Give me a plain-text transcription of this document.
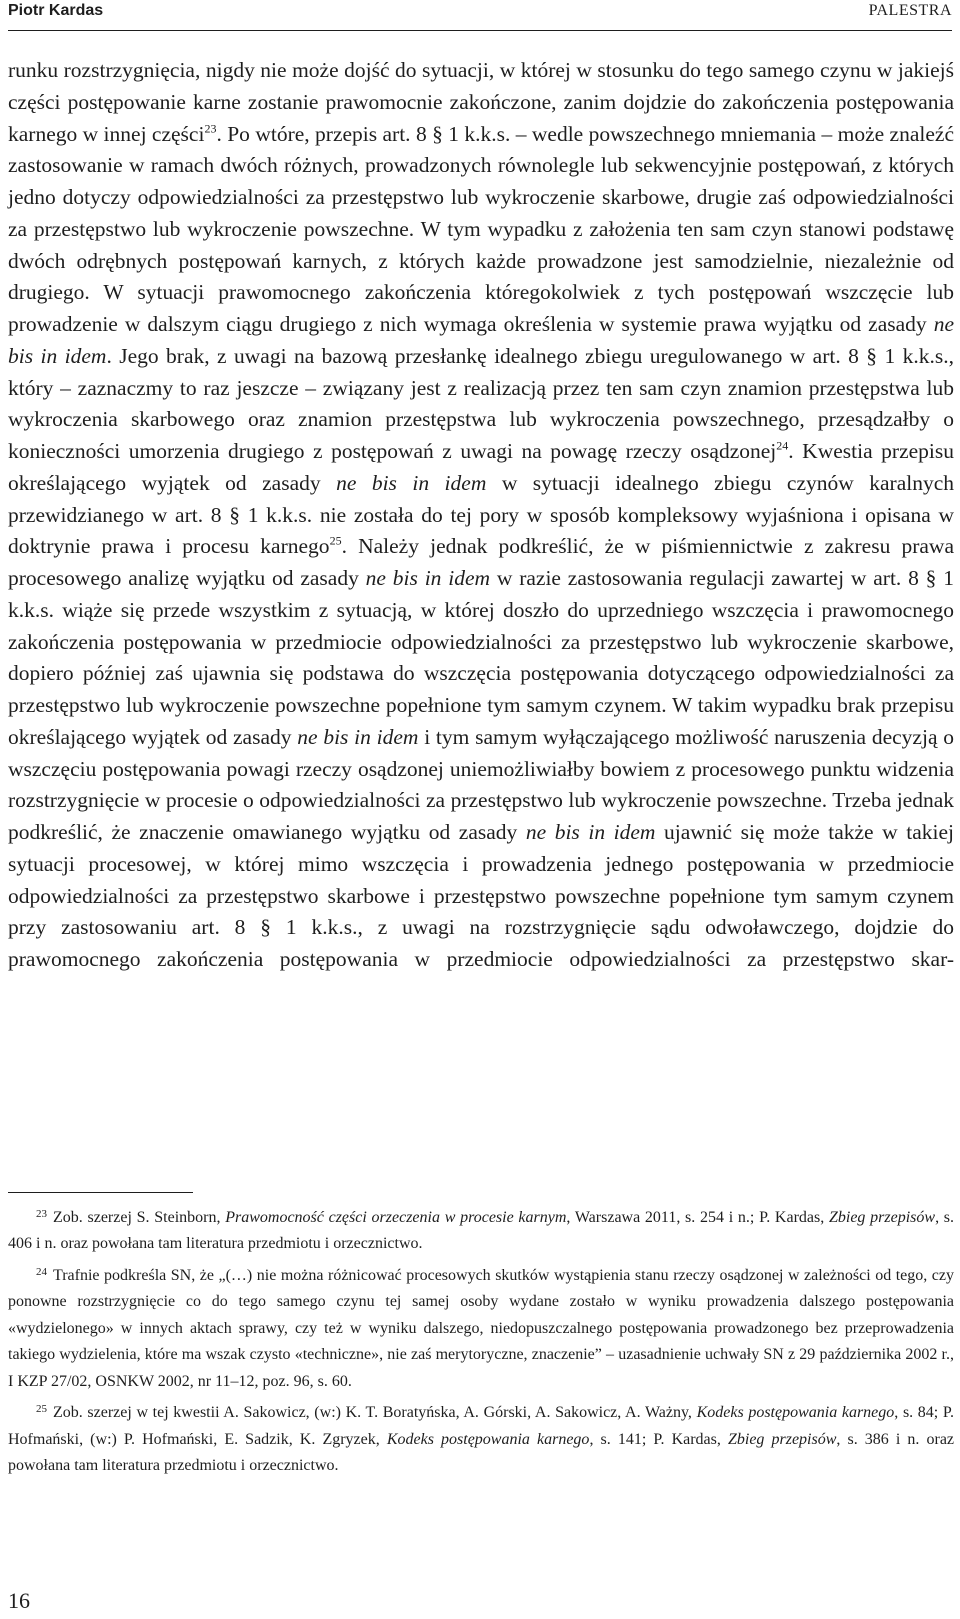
Piotr Kardas	PALESTRA

runku rozstrzygnięcia, nigdy nie może dojść do sytuacji, w której w stosunku do tego samego czynu w jakiejś części postępowanie karne zostanie prawomocnie zakończone, zanim dojdzie do zakończenia postępowania karnego w innej części$^{23}$. Po wtóre, przepis art. 8 § 1 k.k.s. – wedle powszechnego mniemania – może znaleźć zastosowanie w ramach dwóch różnych, prowadzonych równolegle lub sekwencyjnie postępowań, z których jedno dotyczy odpowiedzialności za przestępstwo lub wykroczenie skarbowe, drugie zaś odpowiedzialności za przestępstwo lub wykroczenie powszechne. W tym wypadku z założenia ten sam czyn stanowi podstawę dwóch odrębnych postępowań karnych, z których każde prowadzone jest samodzielnie, niezależnie od drugiego. W sytuacji prawomocnego zakończenia któregokolwiek z tych postępowań wszczęcie lub prowadzenie w dalszym ciągu drugiego z nich wymaga określenia w systemie prawa wyjątku od zasady ne bis in idem. Jego brak, z uwagi na bazową przesłankę idealnego zbiegu uregulowanego w art. 8 § 1 k.k.s., który – zaznaczmy to raz jeszcze – związany jest z realizacją przez ten sam czyn znamion przestępstwa lub wykroczenia skarbowego oraz znamion przestępstwa lub wykroczenia powszechnego, przesądzałby o konieczności umorzenia drugiego z postępowań z uwagi na powagę rzeczy osądzonej$^{24}$. Kwestia przepisu określającego wyjątek od zasady ne bis in idem w sytuacji idealnego zbiegu czynów karalnych przewidzianego w art. 8 § 1 k.k.s. nie została do tej pory w sposób kompleksowy wyjaśniona i opisana w doktrynie prawa i procesu karnego$^{25}$. Należy jednak podkreślić, że w piśmiennictwie z zakresu prawa procesowego analizę wyjątku od zasady ne bis in idem w razie zastosowania regulacji zawartej w art. 8 § 1 k.k.s. wiąże się przede wszystkim z sytuacją, w której doszło do uprzedniego wszczęcia i prawomocnego zakończenia postępowania w przedmiocie odpowiedzialności za przestępstwo lub wykroczenie skarbowe, dopiero później zaś ujawnia się podstawa do wszczęcia postępowania dotyczącego odpowiedzialności za przestępstwo lub wykroczenie powszechne popełnione tym samym czynem. W takim wypadku brak przepisu określającego wyjątek od zasady ne bis in idem i tym samym wyłączającego możliwość naruszenia decyzją o wszczęciu postępowania powagi rzeczy osądzonej uniemożliwiałby bowiem z procesowego punktu widzenia rozstrzygnięcie w procesie o odpowiedzialności za przestępstwo lub wykroczenie powszechne. Trzeba jednak podkreślić, że znaczenie omawianego wyjątku od zasady ne bis in idem ujawnić się może także w takiej sytuacji procesowej, w której mimo wszczęcia i prowadzenia jednego postępowania w przedmiocie odpowiedzialności za przestępstwo skarbowe i przestępstwo powszechne popełnione tym samym czynem przy zastosowaniu art. 8 § 1 k.k.s., z uwagi na rozstrzygnięcie sądu odwoławczego, dojdzie do prawomocnego zakończenia postępowania w przedmiocie odpowiedzialności za przestępstwo skar-

$^{23}$ Zob. szerzej S. Steinborn, Prawomocność części orzeczenia w procesie karnym, Warszawa 2011, s. 254 i n.; P. Kardas, Zbieg przepisów, s. 406 i n. oraz powołana tam literatura przedmiotu i orzecznictwo.

$^{24}$ Trafnie podkreśla SN, że „(…) nie można różnicować procesowych skutków wystąpienia stanu rzeczy osądzonej w zależności od tego, czy ponowne rozstrzygnięcie co do tego samego czynu tej samej osoby wydane zostało w wyniku prowadzenia dalszego postępowania «wydzielonego» w innych aktach sprawy, czy też w wyniku dalszego, niedopuszczalnego postępowania prowadzonego bez przeprowadzenia takiego wydzielenia, które ma wszak czysto «techniczne», nie zaś merytoryczne, znaczenie” – uzasadnienie uchwały SN z 29 października 2002 r., I KZP 27/02, OSNKW 2002, nr 11–12, poz. 96, s. 60.

$^{25}$ Zob. szerzej w tej kwestii A. Sakowicz, (w:) K. T. Boratyńska, A. Górski, A. Sakowicz, A. Ważny, Kodeks postępowania karnego, s. 84; P. Hofmański, (w:) P. Hofmański, E. Sadzik, K. Zgryzek, Kodeks postępowania karnego, s. 141; P. Kardas, Zbieg przepisów, s. 386 i n. oraz powołana tam literatura przedmiotu i orzecznictwo.

16
